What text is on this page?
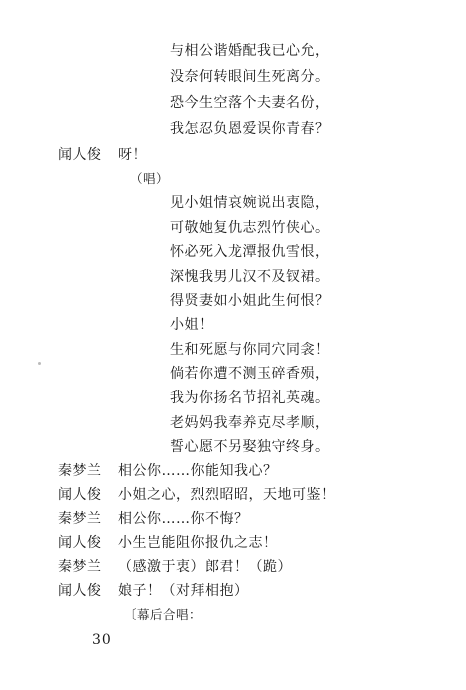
与相公谐婚配我已心允，
没奈何转眼间生死离分。
恐今生空落个夫妻名份，
我怎忍负恩爱误你青春？
闻人俊 呀！
（唱）
见小姐情哀婉说出衷隐，
可敬她复仇志烈竹侠心。
怀必死入龙潭报仇雪恨，
深愧我男儿汉不及钗裙。
得贤妻如小姐此生何恨？
小姐！
生和死愿与你同穴同衾！
倘若你遭不测玉碎香殒，
我为你扬名节招礼英魂。
老妈妈我奉养克尽孝顺，
誓心愿不另娶独守终身。
秦梦兰 相公你……你能知我心？
闻人俊 小姐之心，烈烈昭昭，天地可鉴！
秦梦兰 相公你……你不悔？
闻人俊 小生岂能阻你报仇之志！
秦梦兰 （感激于衷）郎君！（跪）
闻人俊 娘子！（对拜相抱）
〔幕后合唱：
30
